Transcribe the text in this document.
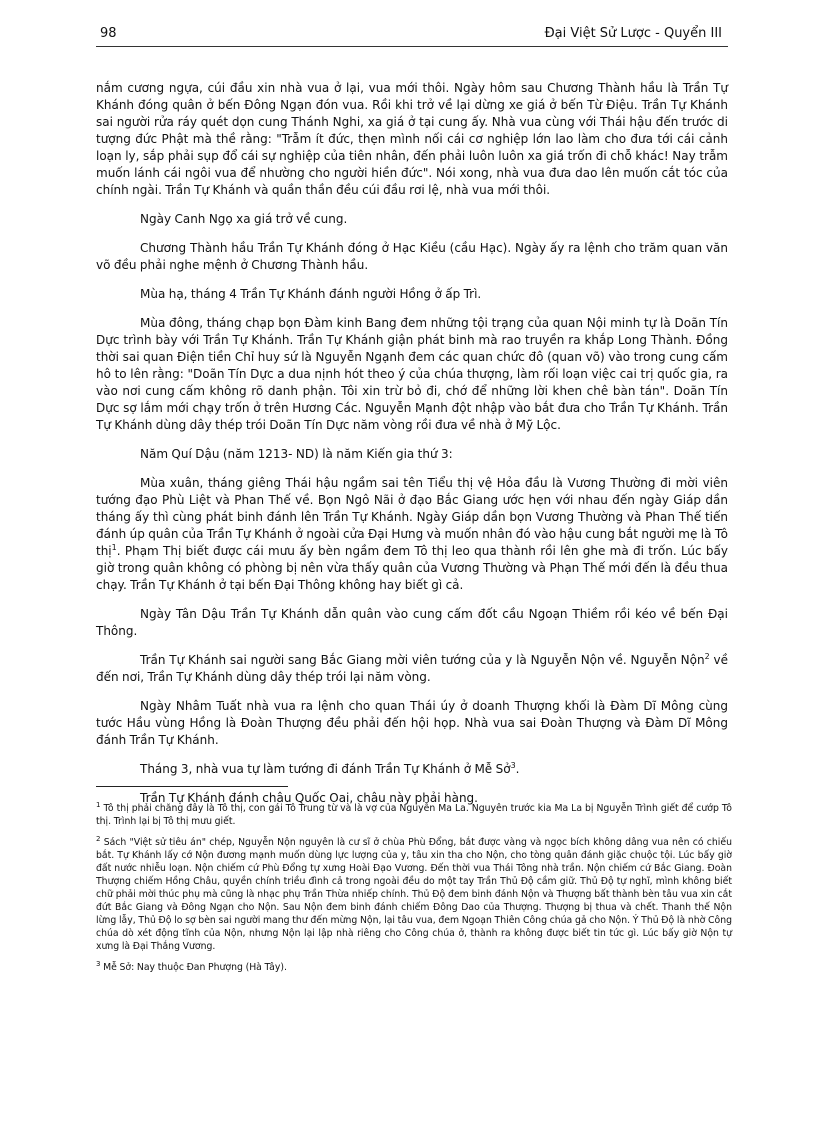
98	Đại Việt Sử Lược - Quyển III

nắm cương ngựa, cúi đầu xin nhà vua ở lại, vua mới thôi. Ngày hôm sau Chương Thành hầu là Trần Tự Khánh đóng quân ở bến Đông Ngạn đón vua. Rồi khi trở về lại dừng xe giá ở bến Từ Điệu. Trần Tự Khánh sai người rửa ráy quét dọn cung Thánh Nghi, xa giá ở tại cung ấy. Nhà vua cùng với Thái hậu đến trước di tượng đức Phật mà thề rằng: "Trẫm ít đức, thẹn mình nối cái cơ nghiệp lớn lao làm cho đưa tới cái cảnh loạn ly, sắp phải sụp đổ cái sự nghiệp của tiên nhân, đến phải luôn luôn xa giá trốn đi chỗ khác! Nay trẫm muốn lánh cái ngôi vua để nhường cho người hiền đức". Nói xong, nhà vua đưa dao lên muốn cắt tóc của chính ngài. Trần Tự Khánh và quần thần đều cúi đầu rơi lệ, nhà vua mới thôi.

Ngày Canh Ngọ xa giá trở về cung.

Chương Thành hầu Trần Tự Khánh đóng ở Hạc Kiều (cầu Hạc). Ngày ấy ra lệnh cho trăm quan văn võ đều phải nghe mệnh ở Chương Thành hầu.

Mùa hạ, tháng 4 Trần Tự Khánh đánh người Hồng ở ấp Trì.

Mùa đông, tháng chạp bọn Đàm kinh Bang đem những tội trạng của quan Nội minh tự là Doãn Tín Dực trình bày với Trần Tự Khánh. Trần Tự Khánh giận phát binh mà rao truyền ra khắp Long Thành. Đồng thời sai quan Điện tiền Chỉ huy sứ là Nguyễn Ngạnh đem các quan chức đô (quan võ) vào trong cung cấm hô to lên rằng: "Doãn Tín Dực a dua nịnh hót theo ý của chúa thượng, làm rối loạn việc cai trị quốc gia, ra vào nơi cung cấm không rõ danh phận. Tôi xin trừ bỏ đi, chớ để những lời khen chê bàn tán". Doãn Tín Dực sợ lắm mới chạy trốn ở trên Hương Các. Nguyễn Mạnh đột nhập vào bắt đưa cho Trần Tự Khánh. Trần Tự Khánh dùng dây thép trói Doãn Tín Dực năm vòng rồi đưa về nhà ở Mỹ Lộc.

Năm Quí Dậu (năm 1213- ND) là năm Kiến gia thứ 3:

Mùa xuân, tháng giêng Thái hậu ngầm sai tên Tiểu thị vệ Hỏa đầu là Vương Thường đi mời viên tướng đạo Phù Liệt và Phan Thế về. Bọn Ngô Nãi ở đạo Bắc Giang ước hẹn với nhau đến ngày Giáp dần tháng ấy thì cùng phát binh đánh lên Trần Tự Khánh. Ngày Giáp dần bọn Vương Thường và Phan Thế tiến đánh úp quân của Trần Tự Khánh ở ngoài cửa Đại Hưng và muốn nhân đó vào hậu cung bắt người mẹ là Tô thị$^1$. Phạm Thị biết được cái mưu ấy bèn ngầm đem Tô thị leo qua thành rồi lên ghe mà đi trốn. Lúc bấy giờ trong quân không có phòng bị nên vừa thấy quân của Vương Thường và Phạn Thế mới đến là đều thua chạy. Trần Tự Khánh ở tại bến Đại Thông không hay biết gì cả.

Ngày Tân Dậu Trần Tự Khánh dẫn quân vào cung cấm đốt cầu Ngoạn Thiềm rồi kéo về bến Đại Thông.

Trần Tự Khánh sai người sang Bắc Giang mời viên tướng của y là Nguyễn Nộn về. Nguyễn Nộn$^2$ về đến nơi, Trần Tự Khánh dùng dây thép trói lại năm vòng.

Ngày Nhâm Tuất nhà vua ra lệnh cho quan Thái úy ở doanh Thượng khối là Đàm Dĩ Mông cùng tước Hầu vùng Hồng là Đoàn Thượng đều phải đến hội họp. Nhà vua sai Đoàn Thượng và Đàm Dĩ Mông đánh Trần Tự Khánh.

Tháng 3, nhà vua tự làm tướng đi đánh Trần Tự Khánh ở Mễ Sở$^3$.

Trần Tự Khánh đánh châu Quốc Oai, châu này phải hàng.

$^1$ Tô thị phải chăng đây là Tô thị, con gái Tô Trung từ và là vợ của Nguyễn Ma La. Nguyên trước kia Ma La bị Nguyễn Trình giết để cướp Tô thị. Trình lại bị Tô thị mưu giết.

$^2$ Sách "Việt sử tiêu án" chép, Nguyễn Nộn nguyên là cư sĩ ở chùa Phù Đổng, bắt được vàng và ngọc bích không dâng vua nên có chiếu bắt. Tự Khánh lấy cớ Nộn đương mạnh muốn dùng lực lượng của y, tâu xin tha cho Nộn, cho tòng quân đánh giặc chuộc tội. Lúc bấy giờ đất nước nhiễu loạn. Nộn chiếm cứ Phù Đổng tự xưng Hoài Đạo Vương. Đến thời vua Thái Tông nhà trần. Nộn chiếm cứ Bắc Giang. Đoàn Thượng chiếm Hồng Châu, quyền chính triều đình cả trong ngoài đều do một tay Trần Thủ Độ cầm giữ. Thủ Độ tự nghĩ, mình không biết chữ phải mời thúc phụ mà cũng là nhạc phụ Trần Thừa nhiếp chính. Thủ Độ đem binh đánh Nộn và Thượng bất thành bèn tâu vua xin cắt đứt Bắc Giang và Đông Ngạn cho Nộn. Sau Nộn đem binh đánh chiếm Đông Dao của Thượng. Thượng bị thua và chết. Thanh thế Nộn lừng lẫy, Thủ Độ lo sợ bèn sai người mang thư đến mừng Nộn, lại tâu vua, đem Ngoạn Thiên Công chúa gả cho Nộn. Ý Thủ Độ là nhờ Công chúa dò xét động tĩnh của Nộn, nhưng Nộn lại lập nhà riêng cho Công chúa ở, thành ra không được biết tin tức gì. Lúc bấy giờ Nộn tự xưng là Đại Thắng Vương.

$^3$ Mễ Sở: Nay thuộc Đan Phượng (Hà Tây).
